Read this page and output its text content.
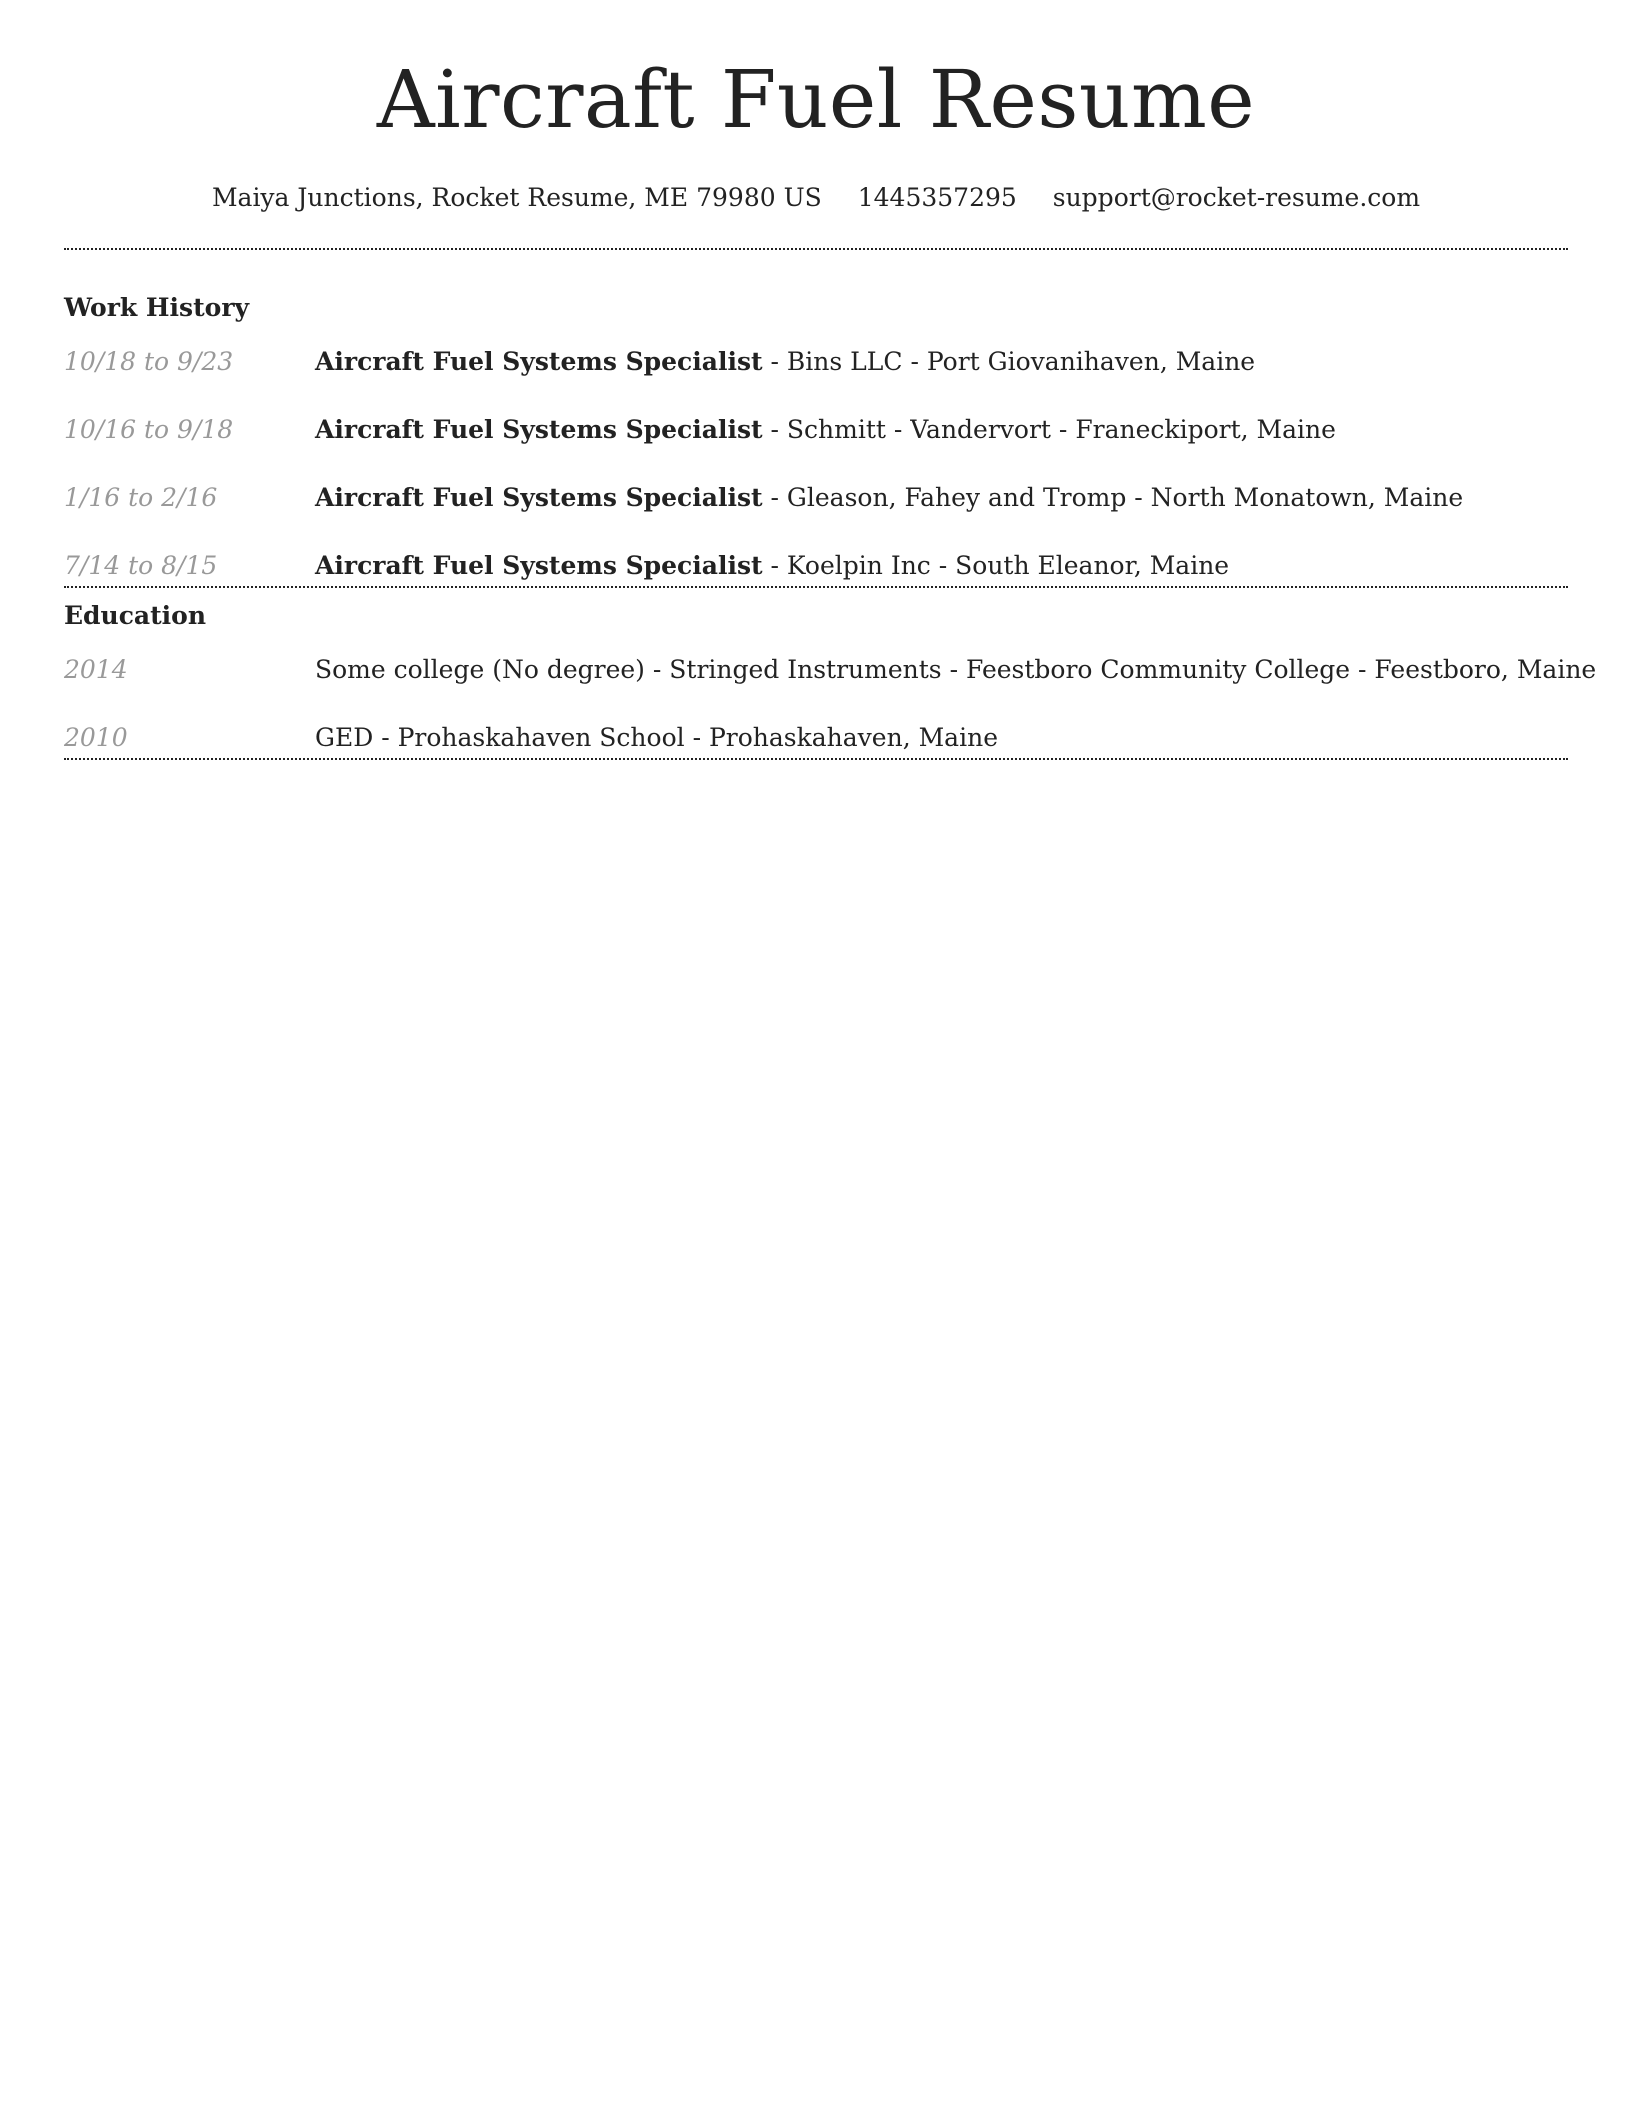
Aircraft Fuel Resume
Maiya Junctions, Rocket Resume, ME 79980 US 1445357295 support@rocket-resume.com
Work History
10/18 to 9/23	Aircraft Fuel Systems Specialist - Bins LLC - Port Giovanihaven, Maine
10/16 to 9/18	Aircraft Fuel Systems Specialist - Schmitt - Vandervort - Franeckiport, Maine
1/16 to 2/16	Aircraft Fuel Systems Specialist - Gleason, Fahey and Tromp - North Monatown, Maine
7/14 to 8/15	Aircraft Fuel Systems Specialist - Koelpin Inc - South Eleanor, Maine
Education
2014	Some college (No degree) - Stringed Instruments - Feestboro Community College - Feestboro, Maine
2010	GED - Prohaskahaven School - Prohaskahaven, Maine
